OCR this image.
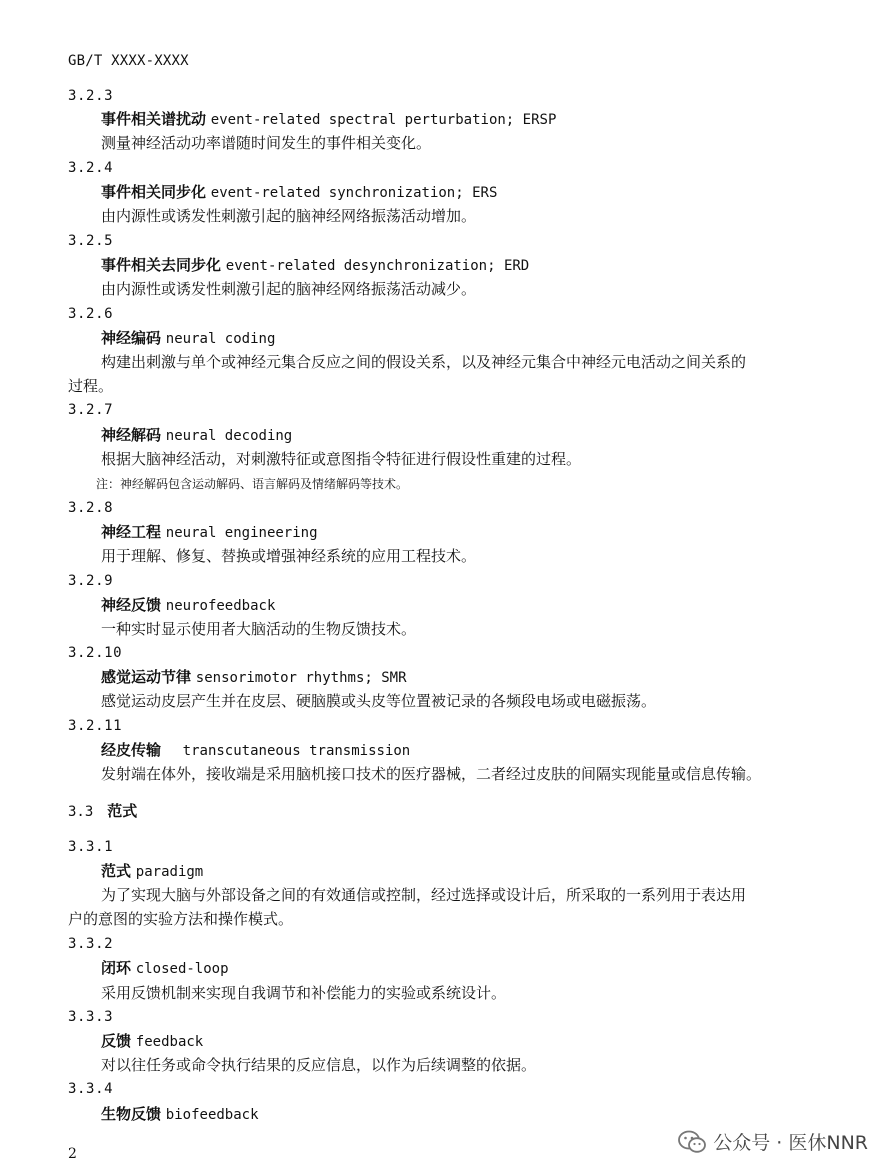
GB/T XXXX-XXXX
3.2.3
事件相关谱扰动 event-related spectral perturbation; ERSP
测量神经活动功率谱随时间发生的事件相关变化。
3.2.4
事件相关同步化 event-related synchronization; ERS
由内源性或诱发性刺激引起的脑神经网络振荡活动增加。
3.2.5
事件相关去同步化 event-related desynchronization; ERD
由内源性或诱发性刺激引起的脑神经网络振荡活动减少。
3.2.6
神经编码 neural coding
构建出刺激与单个或神经元集合反应之间的假设关系，以及神经元集合中神经元电活动之间关系的
过程。
3.2.7
神经解码 neural decoding
根据大脑神经活动，对刺激特征或意图指令特征进行假设性重建的过程。
注：神经解码包含运动解码、语言解码及情绪解码等技术。
3.2.8
神经工程 neural engineering
用于理解、修复、替换或增强神经系统的应用工程技术。
3.2.9
神经反馈 neurofeedback
一种实时显示使用者大脑活动的生物反馈技术。
3.2.10
感觉运动节律 sensorimotor rhythms; SMR
感觉运动皮层产生并在皮层、硬脑膜或头皮等位置被记录的各频段电场或电磁振荡。
3.2.11
经皮传输   transcutaneous transmission
发射端在体外，接收端是采用脑机接口技术的医疗器械，二者经过皮肤的间隔实现能量或信息传输。
3.3 范式
3.3.1
范式 paradigm
为了实现大脑与外部设备之间的有效通信或控制，经过选择或设计后，所采取的一系列用于表达用
户的意图的实验方法和操作模式。
3.3.2
闭环 closed-loop
采用反馈机制来实现自我调节和补偿能力的实验或系统设计。
3.3.3
反馈 feedback
对以往任务或命令执行结果的反应信息，以作为后续调整的依据。
3.3.4
生物反馈 biofeedback
2	公众号 · 医休NNR
